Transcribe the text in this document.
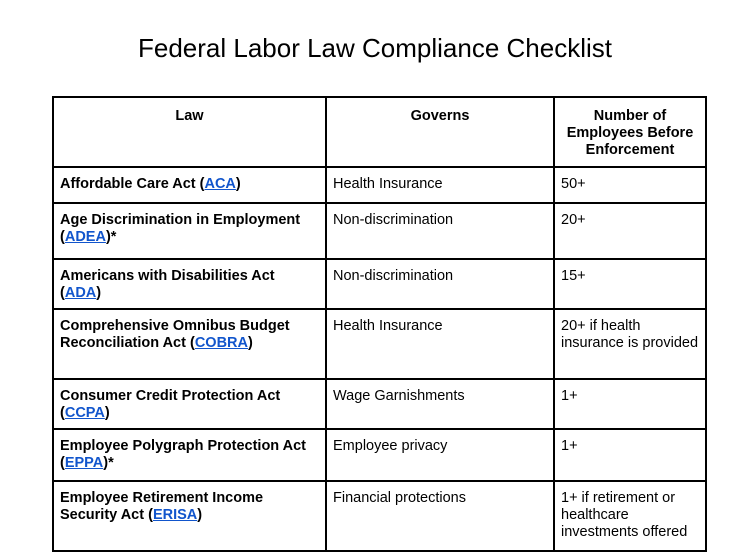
Federal Labor Law Compliance Checklist
Law	Governs	Number of Employees Before Enforcement
Affordable Care Act (ACA)	Health Insurance	50+
Age Discrimination in Employment (ADEA)*	Non-discrimination	20+
Americans with Disabilities Act (ADA)	Non-discrimination	15+
Comprehensive Omnibus Budget Reconciliation Act (COBRA)	Health Insurance	20+ if health insurance is provided
Consumer Credit Protection Act (CCPA)	Wage Garnishments	1+
Employee Polygraph Protection Act (EPPA)*	Employee privacy	1+
Employee Retirement Income Security Act (ERISA)	Financial protections	1+ if retirement or healthcare investments offered
